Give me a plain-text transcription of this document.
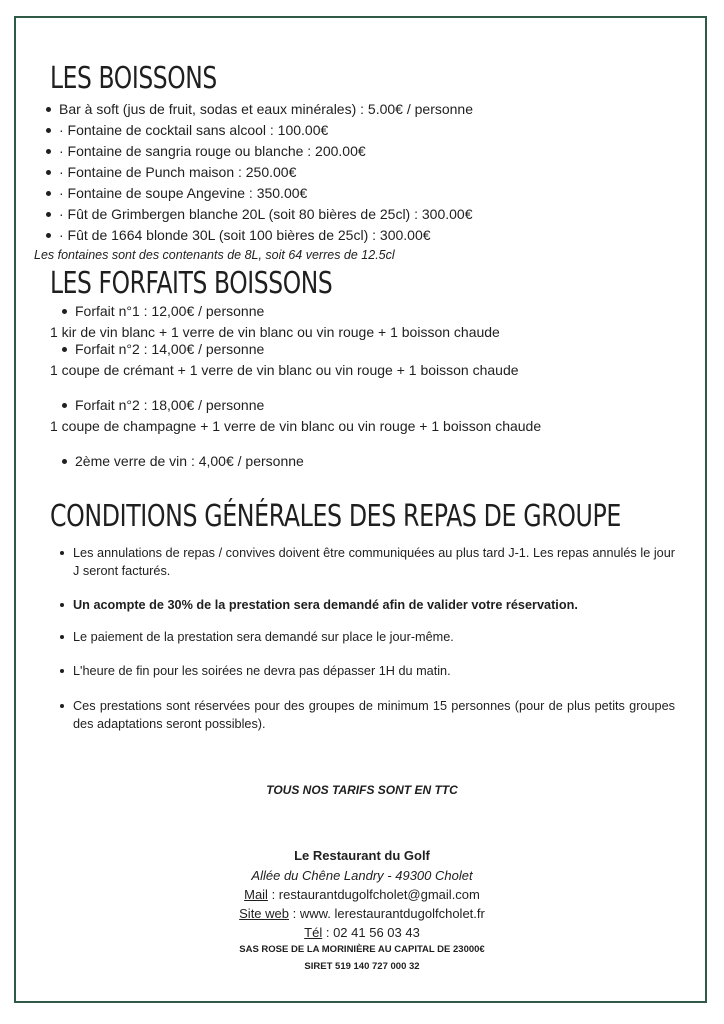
LES BOISSONS
Bar à soft (jus de fruit, sodas et eaux minérales) : 5.00€ / personne
· Fontaine de cocktail sans alcool : 100.00€
· Fontaine de sangria rouge ou blanche : 200.00€
· Fontaine de Punch maison : 250.00€
· Fontaine de soupe Angevine : 350.00€
· Fût de Grimbergen blanche 20L (soit 80 bières de 25cl) : 300.00€
· Fût de 1664 blonde 30L (soit 100 bières de 25cl) : 300.00€
Les fontaines sont des contenants de 8L, soit 64 verres de 12.5cl
LES FORFAITS BOISSONS
Forfait n°1 : 12,00€ / personne
1 kir de vin blanc + 1 verre de vin blanc ou vin rouge + 1 boisson chaude
Forfait n°2 : 14,00€ / personne
1 coupe de crémant + 1 verre de vin blanc ou vin rouge + 1 boisson chaude
Forfait n°2 : 18,00€ / personne
1 coupe de champagne + 1 verre de vin blanc ou vin rouge + 1 boisson chaude
2ème verre de vin : 4,00€ / personne
CONDITIONS GÉNÉRALES DES REPAS DE GROUPE
Les annulations de repas / convives doivent être communiquées au plus tard J-1. Les repas annulés le jour J seront facturés.
Un acompte de 30% de la prestation sera demandé afin de valider votre réservation.
Le paiement de la prestation sera demandé sur place le jour-même.
L'heure de fin pour les soirées ne devra pas dépasser 1H du matin.
Ces prestations sont réservées pour des groupes de minimum 15 personnes (pour de plus petits groupes des adaptations seront possibles).
TOUS NOS TARIFS SONT EN TTC
Le Restaurant du Golf
Allée du Chêne Landry - 49300 Cholet
Mail : restaurantdugolfcholet@gmail.com
Site web : www. lerestaurantdugolfcholet.fr
Tél : 02 41 56 03 43
SAS ROSE DE LA MORINIÈRE AU CAPITAL DE 23000€
SIRET 519 140 727 000 32
